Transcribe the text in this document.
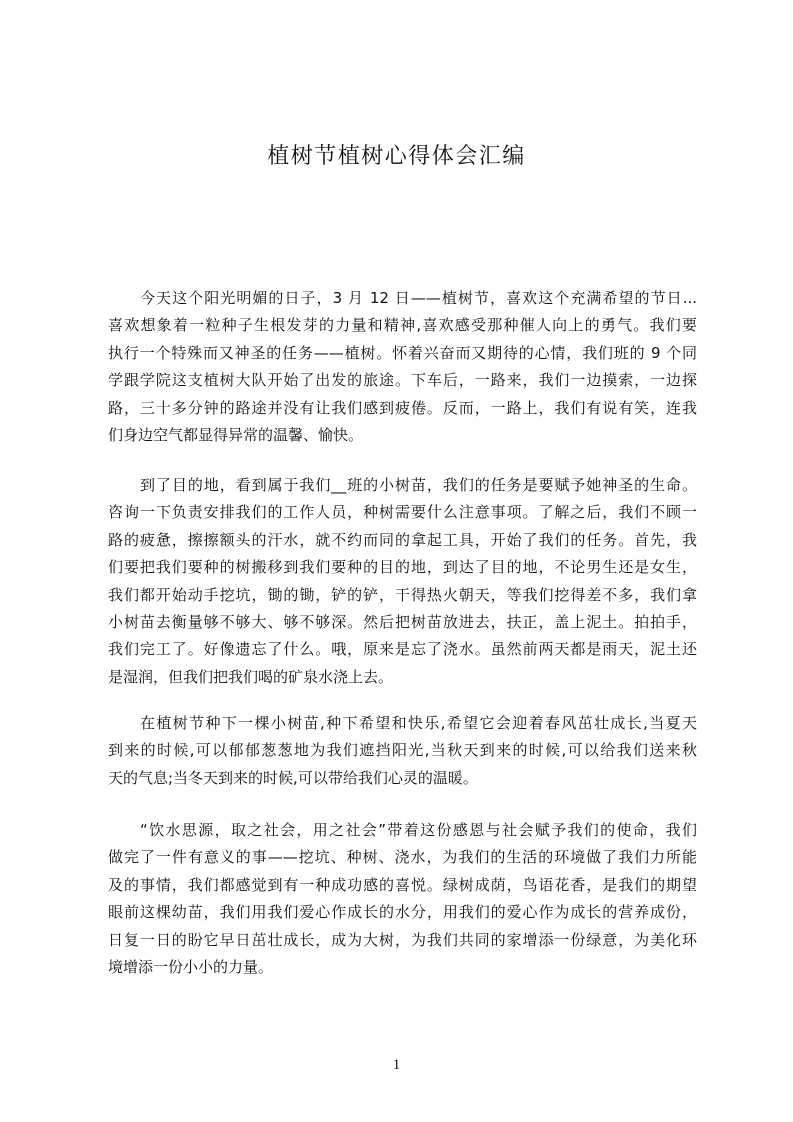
植树节植树心得体会汇编
今天这个阳光明媚的日子，3 月 12 日——植树节，喜欢这个充满希望的节日...
喜欢想象着一粒种子生根发芽的力量和精神,喜欢感受那种催人向上的勇气。我们要
执行一个特殊而又神圣的任务——植树。怀着兴奋而又期待的心情，我们班的 9 个同
学跟学院这支植树大队开始了出发的旅途。下车后，一路来，我们一边摸索，一边探
路，三十多分钟的路途并没有让我们感到疲倦。反而，一路上，我们有说有笑，连我
们身边空气都显得异常的温馨、愉快。
到了目的地，看到属于我们__班的小树苗，我们的任务是要赋予她神圣的生命。
咨询一下负责安排我们的工作人员，种树需要什么注意事项。了解之后，我们不顾一
路的疲惫，擦擦额头的汗水，就不约而同的拿起工具，开始了我们的任务。首先，我
们要把我们要种的树搬移到我们要种的目的地，到达了目的地，不论男生还是女生，
我们都开始动手挖坑，锄的锄，铲的铲，干得热火朝天，等我们挖得差不多，我们拿
小树苗去衡量够不够大、够不够深。然后把树苗放进去，扶正，盖上泥土。拍拍手，
我们完工了。好像遗忘了什么。哦，原来是忘了浇水。虽然前两天都是雨天，泥土还
是湿润，但我们把我们喝的矿泉水浇上去。
在植树节种下一棵小树苗,种下希望和快乐,希望它会迎着春风茁壮成长,当夏天
到来的时候,可以郁郁葱葱地为我们遮挡阳光,当秋天到来的时候,可以给我们送来秋
天的气息;当冬天到来的时候,可以带给我们心灵的温暖。
“饮水思源，取之社会，用之社会”带着这份感恩与社会赋予我们的使命，我们
做完了一件有意义的事——挖坑、种树、浇水，为我们的生活的环境做了我们力所能
及的事情，我们都感觉到有一种成功感的喜悦。绿树成荫，鸟语花香，是我们的期望
眼前这棵幼苗，我们用我们爱心作成长的水分，用我们的爱心作为成长的营养成份，
日复一日的盼它早日茁壮成长，成为大树，为我们共同的家增添一份绿意，为美化环
境增添一份小小的力量。
1
